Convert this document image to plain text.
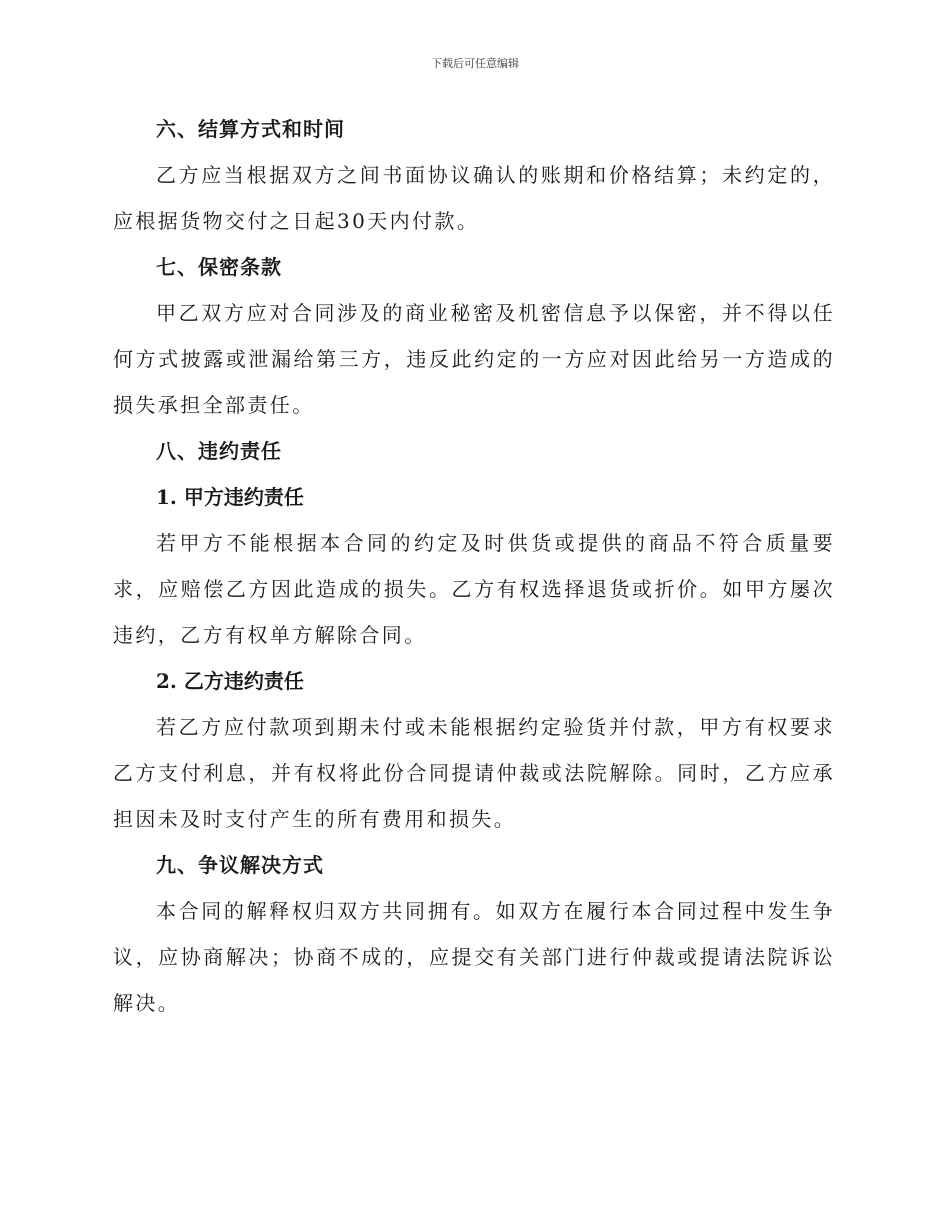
下载后可任意编辑

六、结算方式和时间

乙方应当根据双方之间书面协议确认的账期和价格结算；未约定的，应根据货物交付之日起30天内付款。

七、保密条款

甲乙双方应对合同涉及的商业秘密及机密信息予以保密，并不得以任何方式披露或泄漏给第三方，违反此约定的一方应对因此给另一方造成的损失承担全部责任。

八、违约责任

1. 甲方违约责任

若甲方不能根据本合同的约定及时供货或提供的商品不符合质量要求，应赔偿乙方因此造成的损失。乙方有权选择退货或折价。如甲方屡次违约，乙方有权单方解除合同。

2. 乙方违约责任

若乙方应付款项到期未付或未能根据约定验货并付款，甲方有权要求乙方支付利息，并有权将此份合同提请仲裁或法院解除。同时，乙方应承担因未及时支付产生的所有费用和损失。

九、争议解决方式

本合同的解释权归双方共同拥有。如双方在履行本合同过程中发生争议，应协商解决；协商不成的，应提交有关部门进行仲裁或提请法院诉讼解决。
